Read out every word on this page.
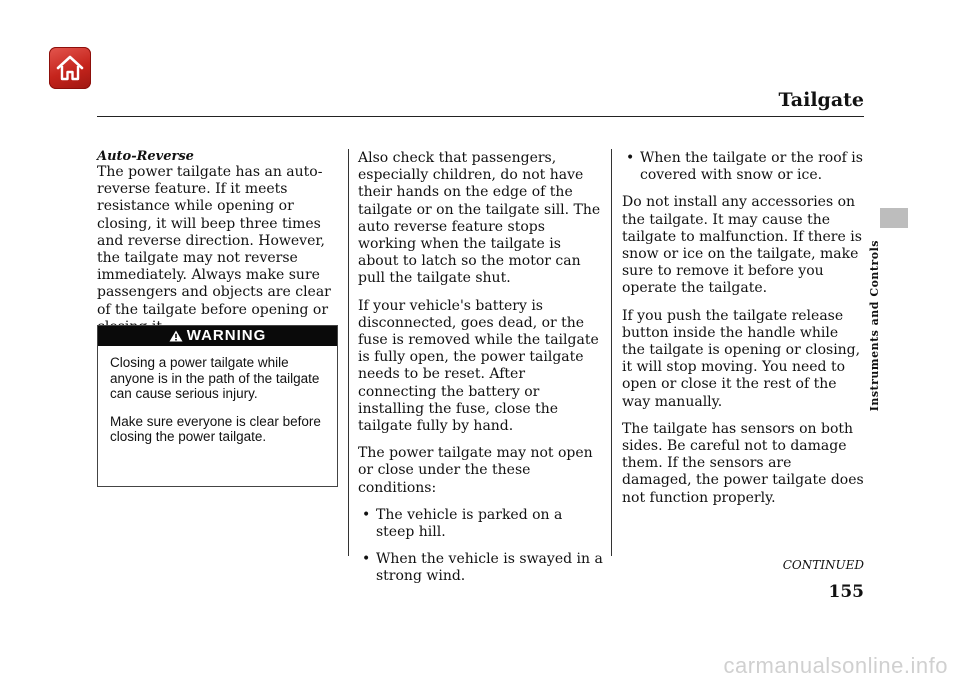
Tailgate
Instruments and Controls
Auto-Reverse

The power tailgate has an auto-reverse feature. If it meets resistance while opening or closing, it will beep three times and reverse direction. However, the tailgate may not reverse immediately. Always make sure passengers and objects are clear of the tailgate before opening or

WARNING

Closing a power tailgate while anyone is in the path of the tailgate can cause serious injury.

Make sure everyone is clear before closing the power tailgate.

Also check that passengers, especially children, do not have their hands on the edge of the tailgate or on the tailgate sill. The auto reverse feature stops working when the tailgate is about to latch so the motor can pull the tailgate shut.

If your vehicle's battery is disconnected, goes dead, or the fuse is removed while the tailgate is fully open, the power tailgate needs to be reset. After connecting the battery or installing the fuse, close the tailgate fully by hand.

The power tailgate may not open or close under the these conditions:

• The vehicle is parked on a steep hill.
• When the vehicle is swayed in a strong wind.
• When the tailgate or the roof is covered with snow or ice.

Do not install any accessories on the tailgate. It may cause the tailgate to malfunction. If there is snow or ice on the tailgate, make sure to remove it before you operate the tailgate.

If you push the tailgate release button inside the handle while the tailgate is opening or closing, it will stop moving. You need to open or close it the rest of the way manually.

The tailgate has sensors on both sides. Be careful not to damage them. If the sensors are damaged, the power tailgate does not function properly.

CONTINUED
155
carmanualsonline.info
